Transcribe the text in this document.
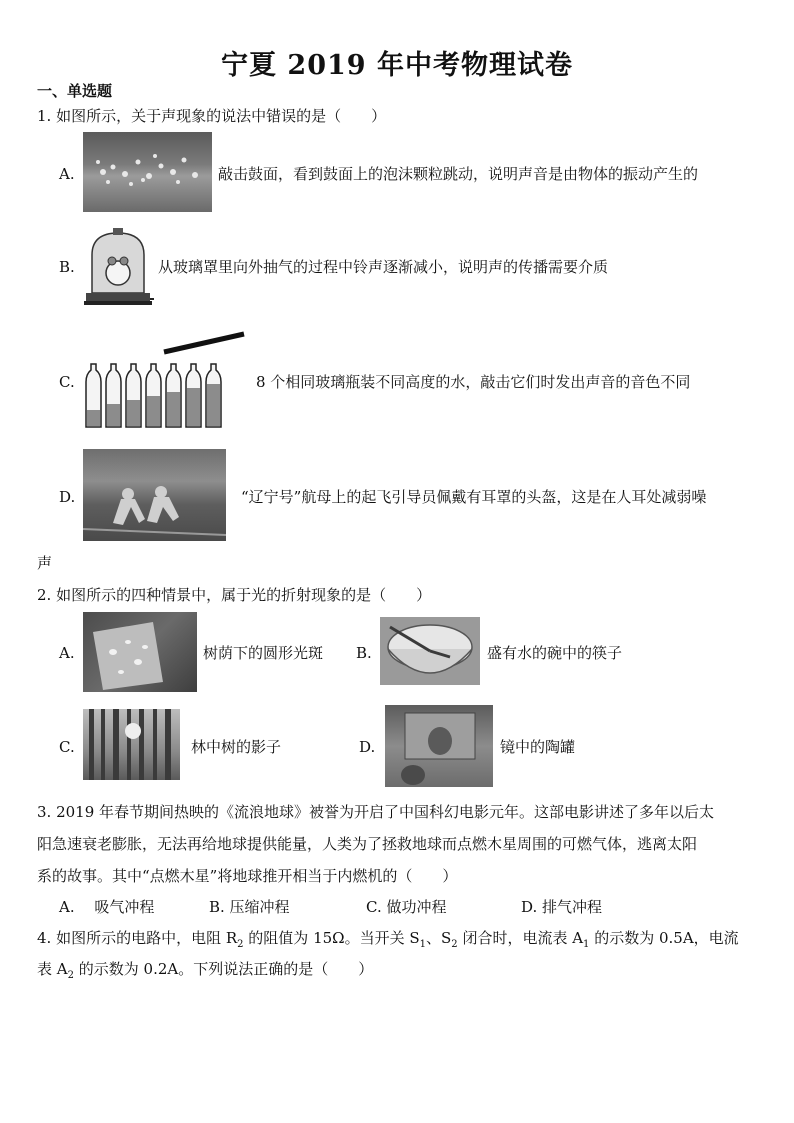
宁夏 2019 年中考物理试卷
一、单选题
1. 如图所示，关于声现象的说法中错误的是（　　）
A.	敲击鼓面，看到鼓面上的泡沫颗粒跳动，说明声音是由物体的振动产生的
B.	从玻璃罩里向外抽气的过程中铃声逐渐减小，说明声的传播需要介质
C.	8 个相同玻璃瓶装不同高度的水，敲击它们时发出声音的音色不同
D.	“辽宁号”航母上的起飞引导员佩戴有耳罩的头盔，这是在人耳处减弱噪
声
2. 如图所示的四种情景中，属于光的折射现象的是（　　）
A.	树荫下的圆形光斑 B.	盛有水的碗中的筷子
C.	林中树的影子	D.	镜中的陶罐
3. 2019 年春节期间热映的《流浪地球》被誉为开启了中国科幻电影元年。这部电影讲述了多年以后太
阳急速衰老膨胀，无法再给地球提供能量，人类为了拯救地球而点燃木星周围的可燃气体，逃离太阳
系的故事。其中“点燃木星”将地球推开相当于内燃机的（　　）
A.　 吸气冲程	B. 压缩冲程	C. 做功冲程	D. 排气冲程
4. 如图所示的电路中，电阻 $R_2$ 的阻值为 15Ω。当开关 $S_1$、$S_2$ 闭合时，电流表 $A_1$ 的示数为 0.5A，电流
表 $A_2$ 的示数为 0.2A。下列说法正确的是（　　）
